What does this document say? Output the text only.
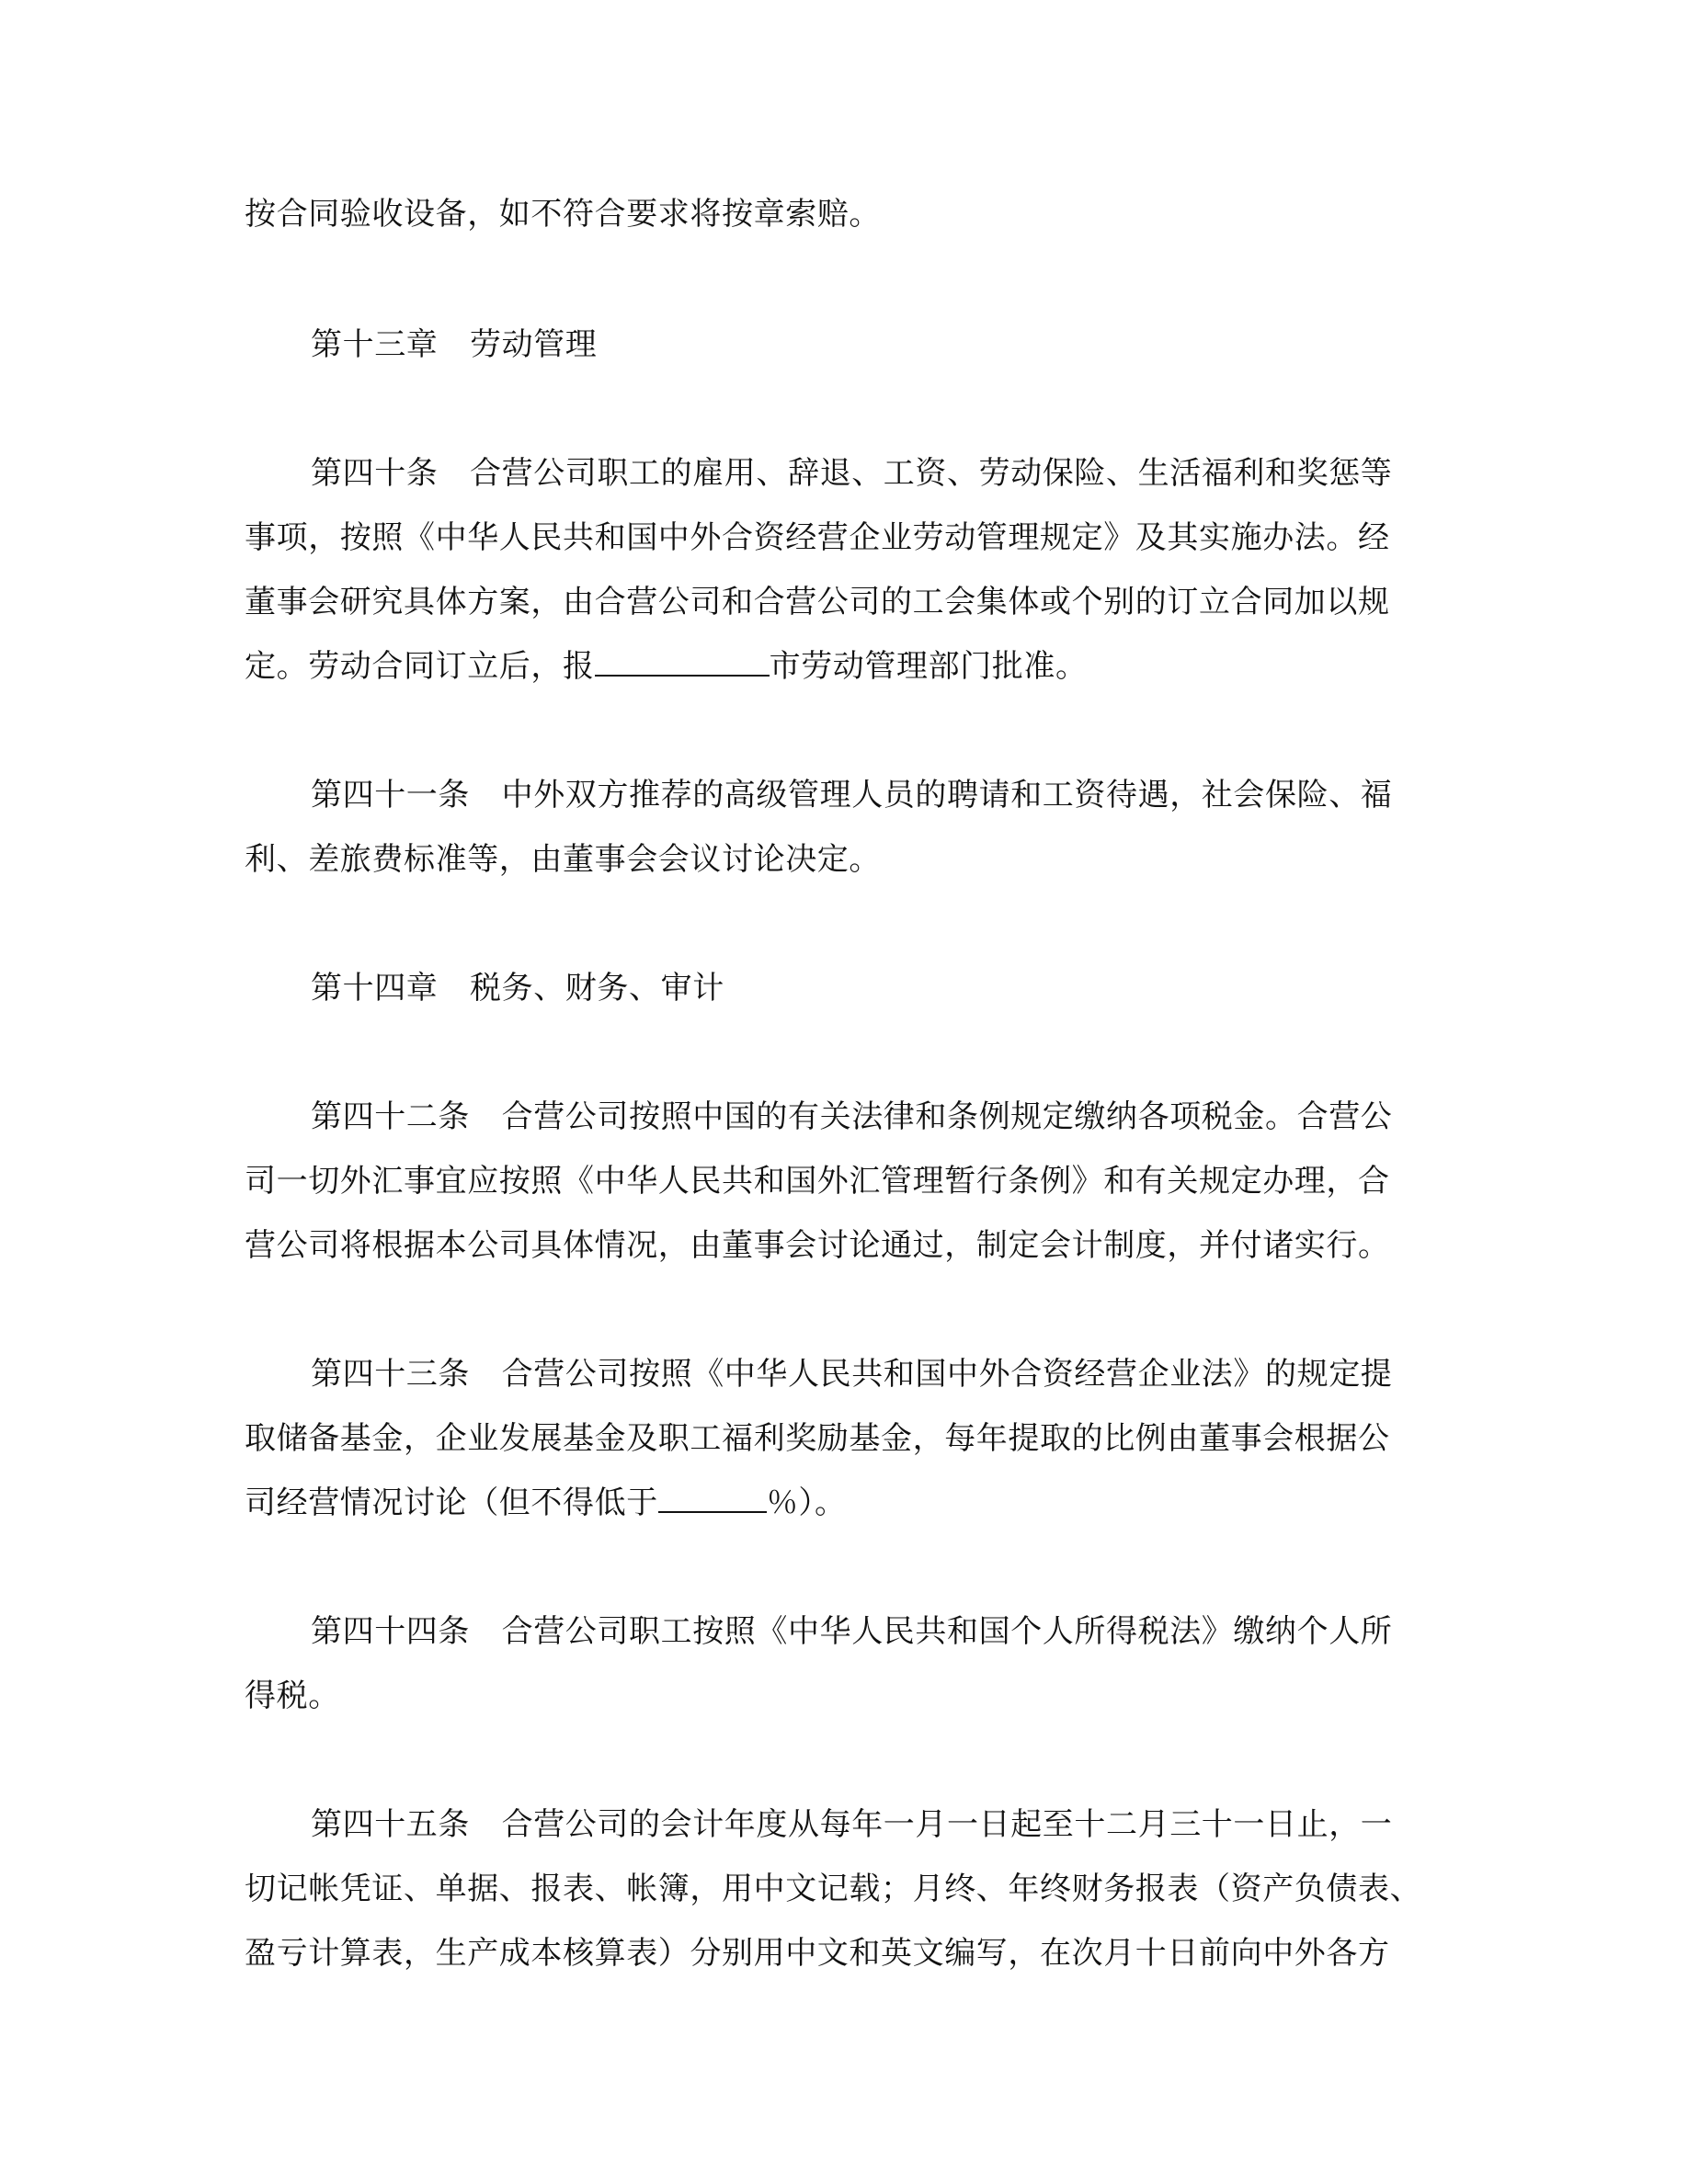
按合同验收设备，如不符合要求将按章索赔。
第十三章　劳动管理
第四十条　合营公司职工的雇用、辞退、工资、劳动保险、生活福利和奖惩等
事项，按照《中华人民共和国中外合资经营企业劳动管理规定》及其实施办法。经
董事会研究具体方案，由合营公司和合营公司的工会集体或个别的订立合同加以规
定。劳动合同订立后，报	市劳动管理部门批准。
第四十一条　中外双方推荐的高级管理人员的聘请和工资待遇，社会保险、福
利、差旅费标准等，由董事会会议讨论决定。
第十四章　税务、财务、审计
第四十二条　合营公司按照中国的有关法律和条例规定缴纳各项税金。合营公
司一切外汇事宜应按照《中华人民共和国外汇管理暂行条例》和有关规定办理，合
营公司将根据本公司具体情况，由董事会讨论通过，制定会计制度，并付诸实行。
第四十三条　合营公司按照《中华人民共和国中外合资经营企业法》的规定提
取储备基金，企业发展基金及职工福利奖励基金，每年提取的比例由董事会根据公
司经营情况讨论（但不得低于	％）。
第四十四条　合营公司职工按照《中华人民共和国个人所得税法》缴纳个人所
得税。
第四十五条　合营公司的会计年度从每年一月一日起至十二月三十一日止，一
切记帐凭证、单据、报表、帐簿，用中文记载；月终、年终财务报表（资产负债表、
盈亏计算表，生产成本核算表）分别用中文和英文编写，在次月十日前向中外各方
